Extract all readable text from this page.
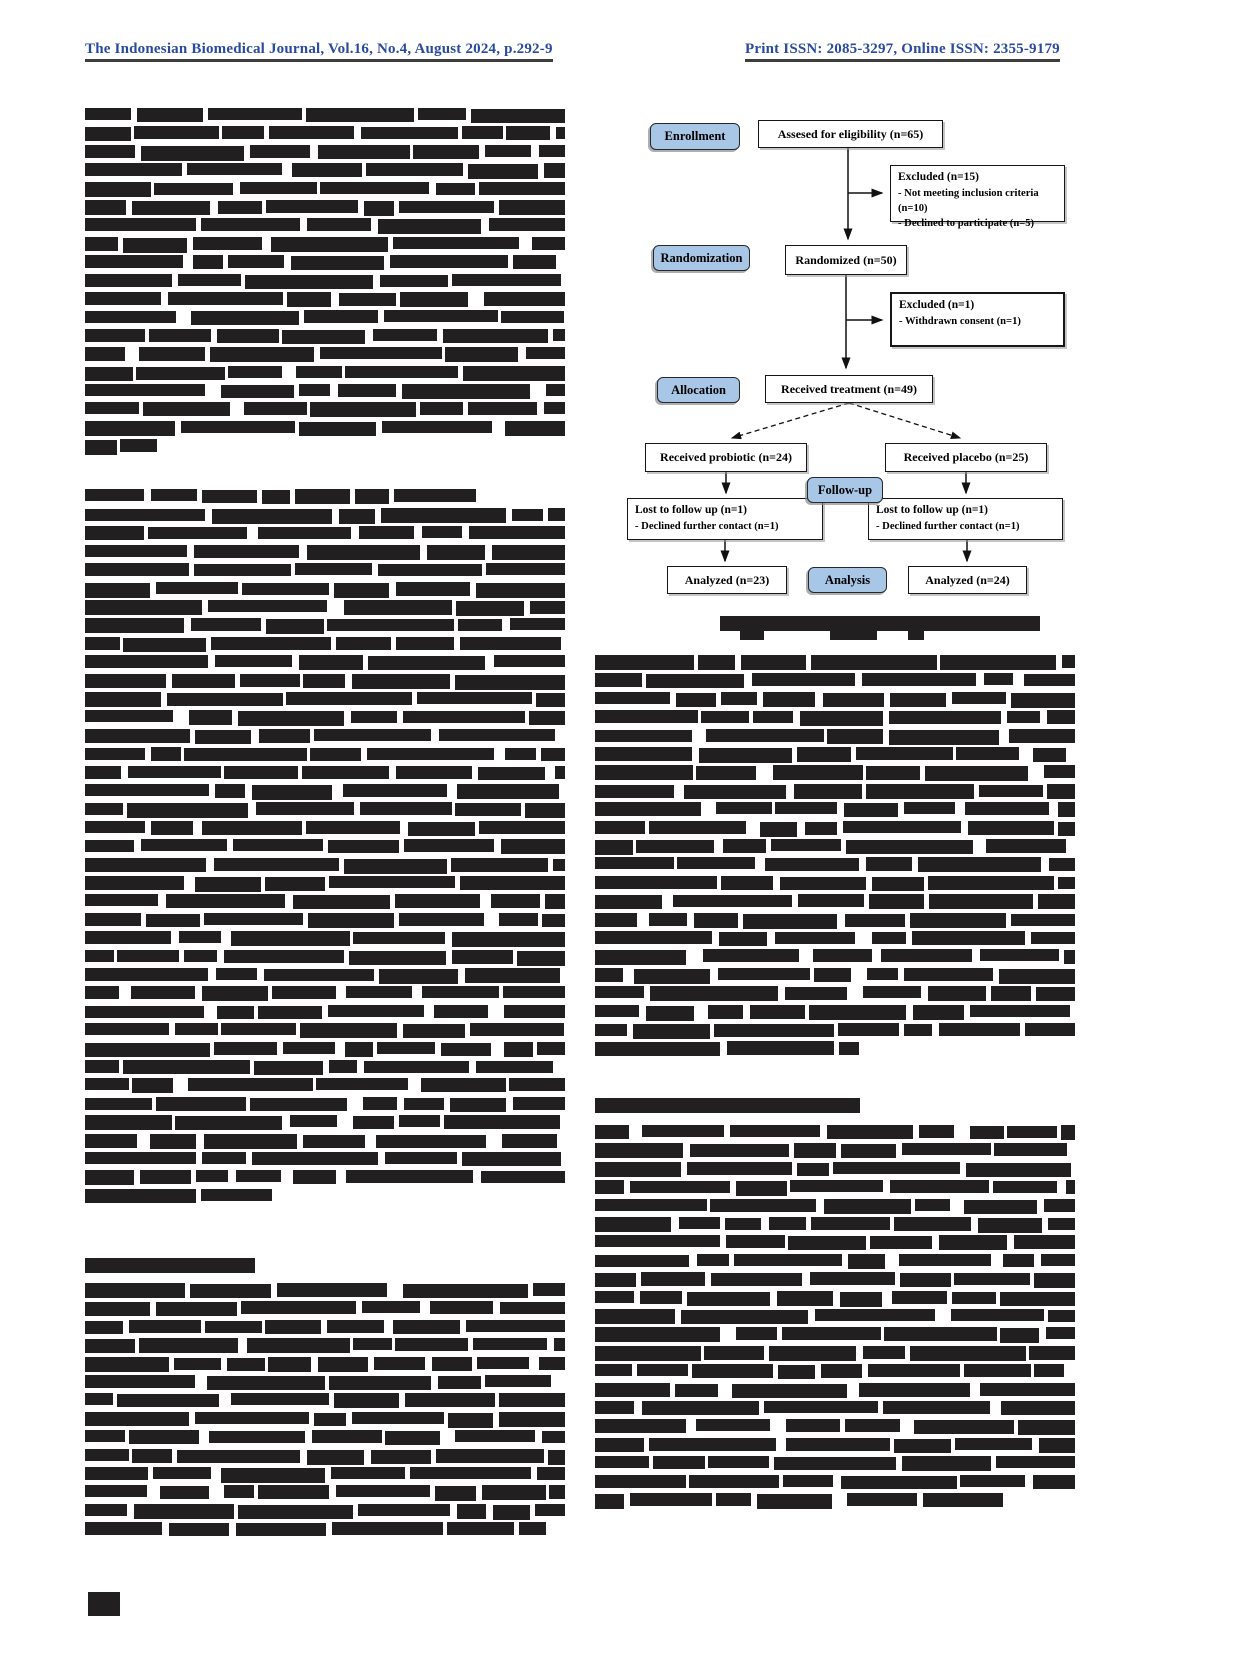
The Indonesian Biomedical Journal, Vol.16, No.4, August 2024, p.292-9	Print ISSN: 2085-3297, Online ISSN: 2355-9179
Enrollment
Randomization
Allocation
Follow-up
Analysis
Assesed for eligibility (n=65)
Excluded (n=15)
- Not meeting inclusion criteria (n=10)
- Declined to participate (n=5)
Randomized (n=50)
Excluded (n=1)
- Withdrawn consent (n=1)
Received treatment (n=49)
Received probiotic (n=24)	Received placebo (n=25)
Lost to follow up (n=1)
- Declined further contact (n=1)
Lost to follow up (n=1)
- Declined further contact (n=1)
Analyzed (n=23)	Analyzed (n=24)
